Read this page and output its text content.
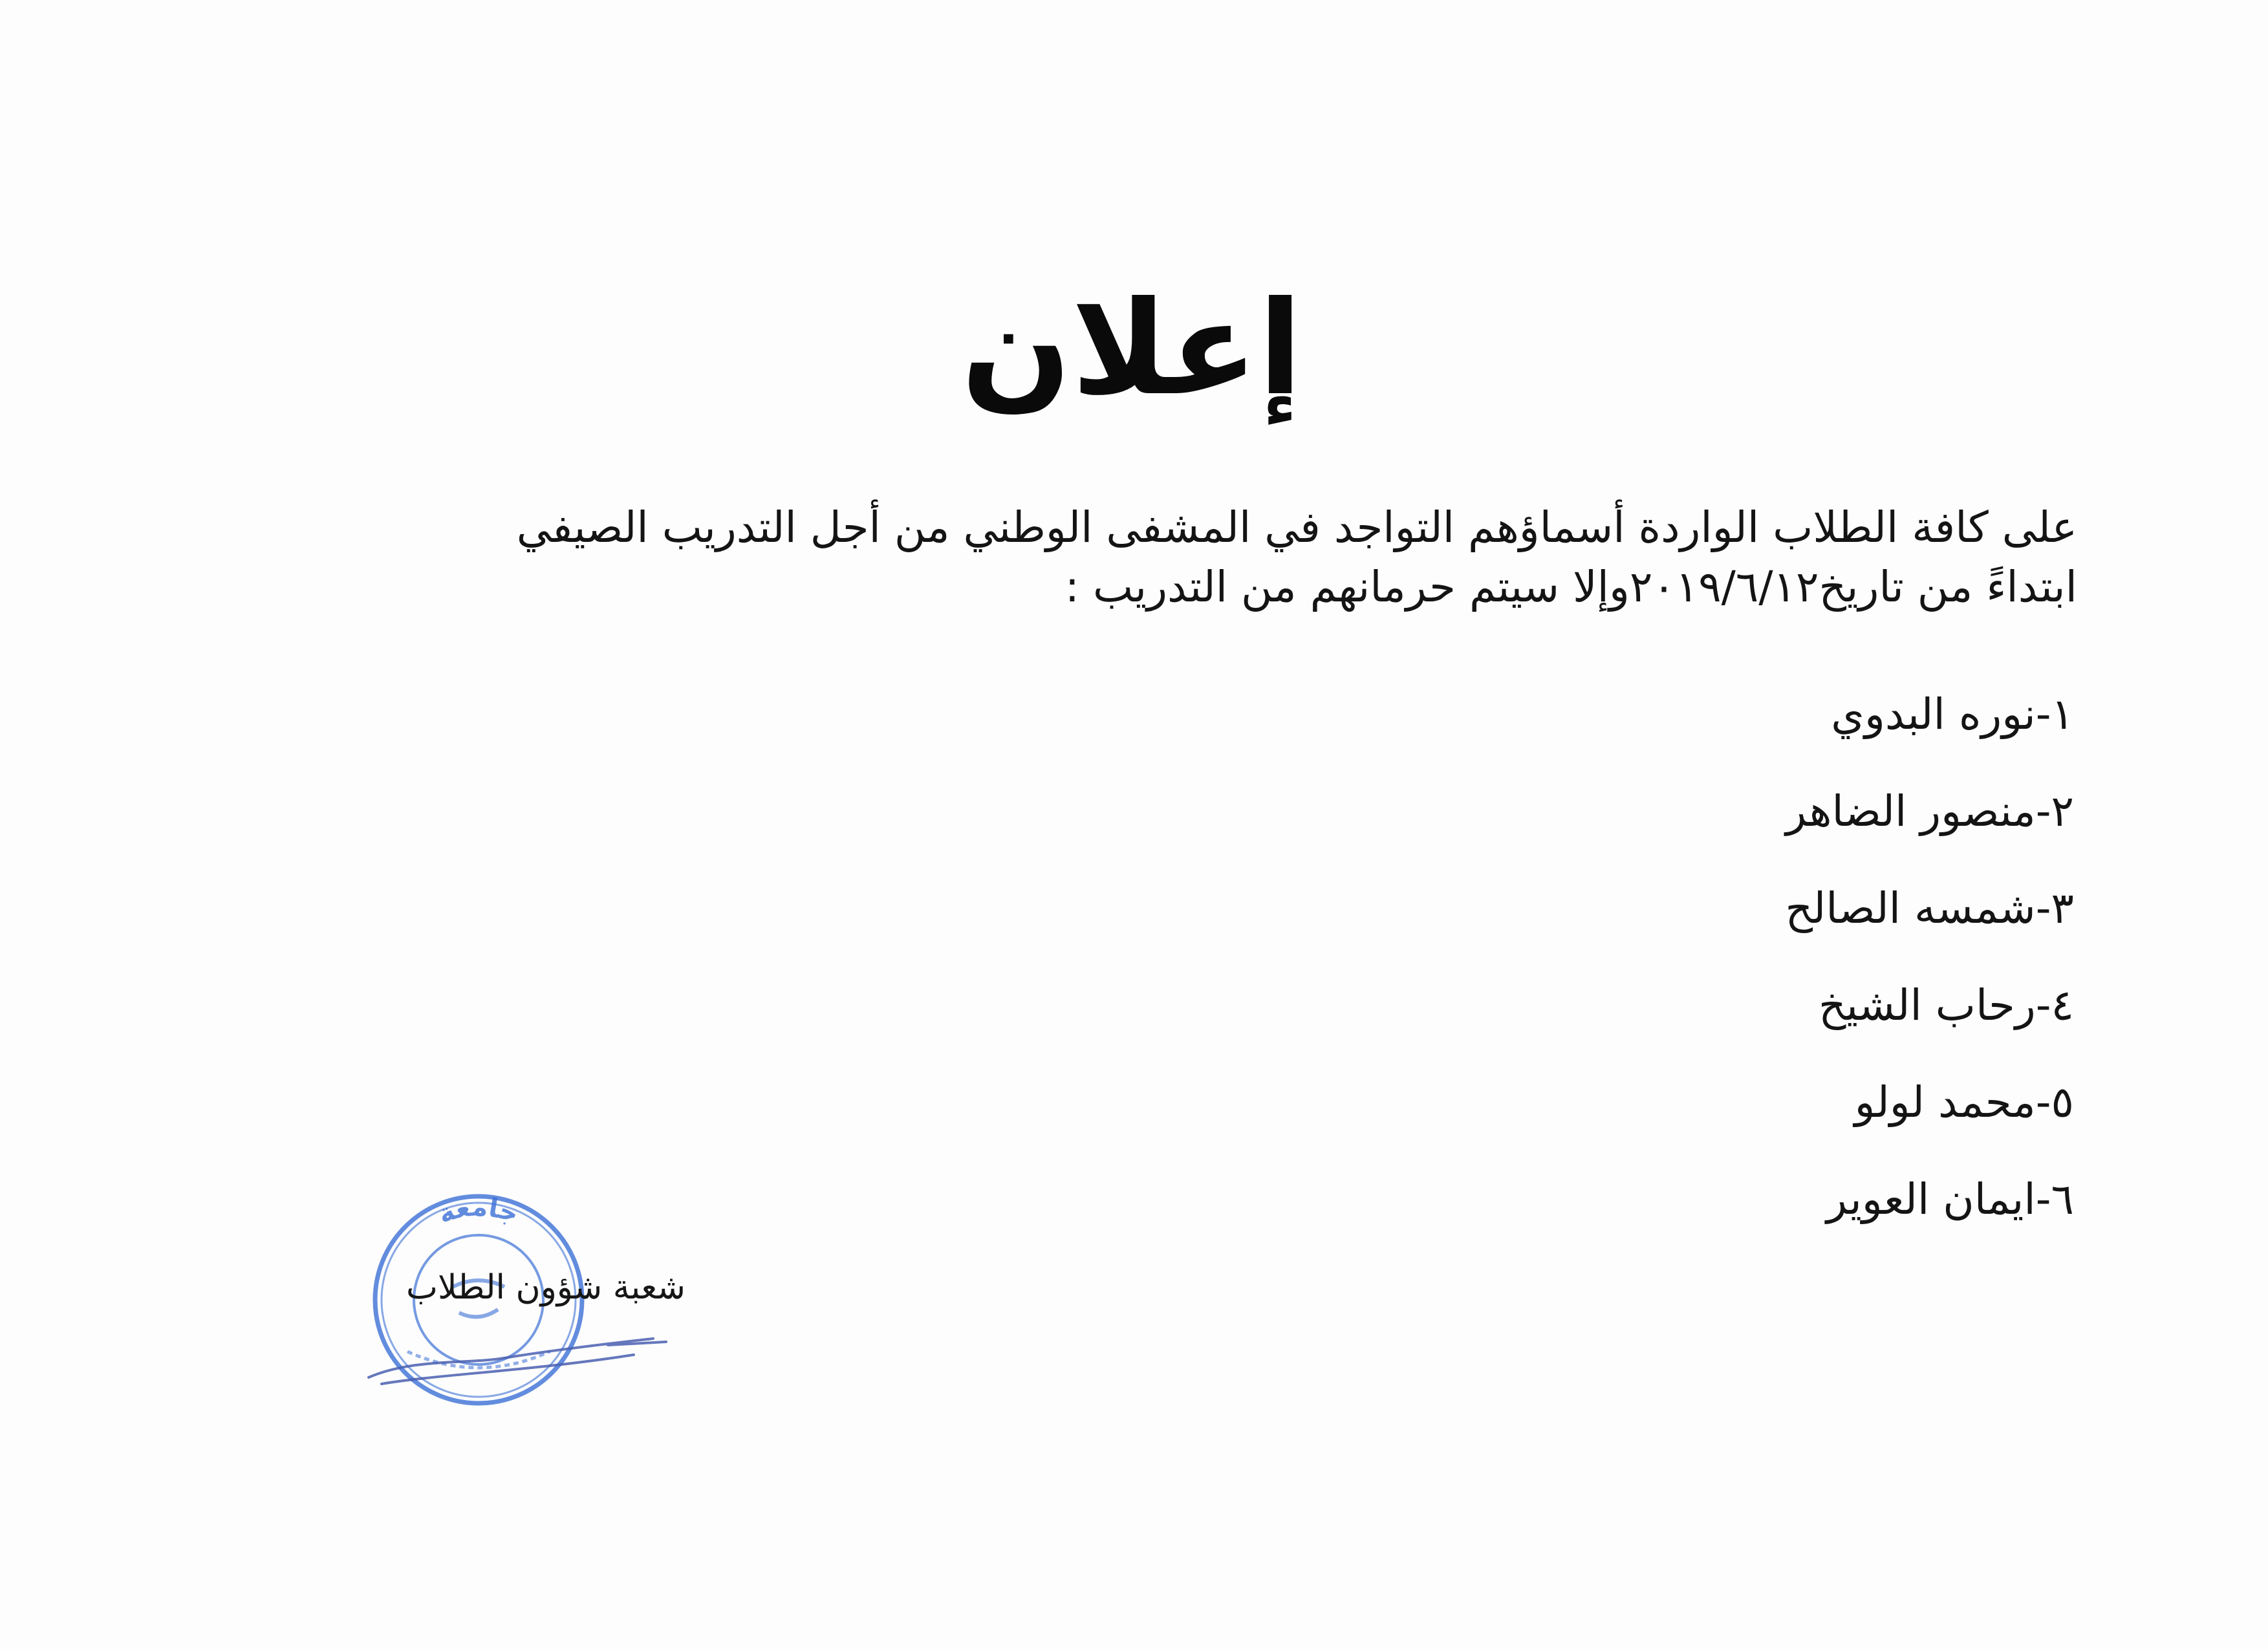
إعلان
على كافة الطلاب الواردة أسماؤهم التواجد في المشفى الوطني من أجل التدريب الصيفي
ابتداءً من تاريخ٢٠١٩/٦/١٢وإلا سيتم حرمانهم من التدريب :
١-نوره البدوي
٢-منصور الضاهر
٣-شمسه الصالح
٤-رحاب الشيخ
٥-محمد لولو
٦-ايمان العوير
جامعة
شعبة شؤون الطلاب
